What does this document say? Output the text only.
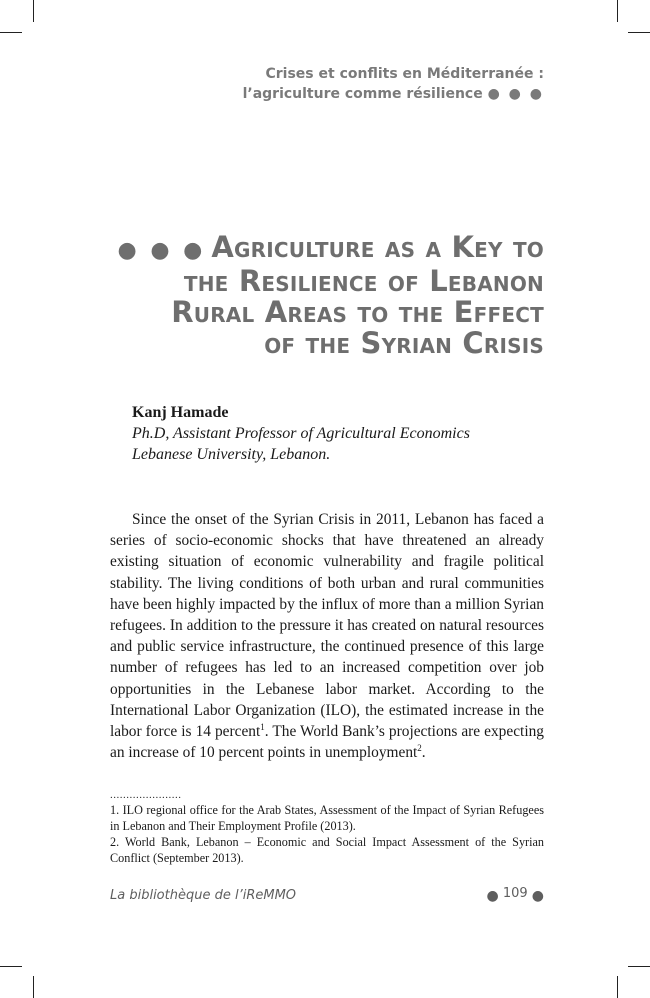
Crises et conflits en Méditerranée :
l’agriculture comme résilience ● ● ●
● ● ● Agriculture as a Key to
the Resilience of Lebanon
Rural Areas to the Effect
of the Syrian Crisis
Kanj Hamade
Ph.D, Assistant Professor of Agricultural Economics
Lebanese University, Lebanon.

Since the onset of the Syrian Crisis in 2011, Lebanon has faced a series of socio-economic shocks that have threatened an already existing situation of economic vulnerability and fragile political stability. The living conditions of both urban and rural communities have been highly impacted by the influx of more than a million Syrian refugees. In addition to the pressure it has created on natural resources and public service infrastructure, the continued presence of this large number of refugees has led to an increased competition over job opportunities in the Lebanese labor market. According to the International Labor Organization (ILO), the estimated increase in the labor force is 14 percent$^1$. The World Bank’s projections are expecting an increase of 10 percent points in unemployment$^2$.

......................

1. ILO regional office for the Arab States, Assessment of the Impact of Syrian Refugees in Lebanon and Their Employment Profile (2013).

2. World Bank, Lebanon – Economic and Social Impact Assessment of the Syrian Conflict (September 2013).

La bibliothèque de l’iReMMO	● 109 ●
